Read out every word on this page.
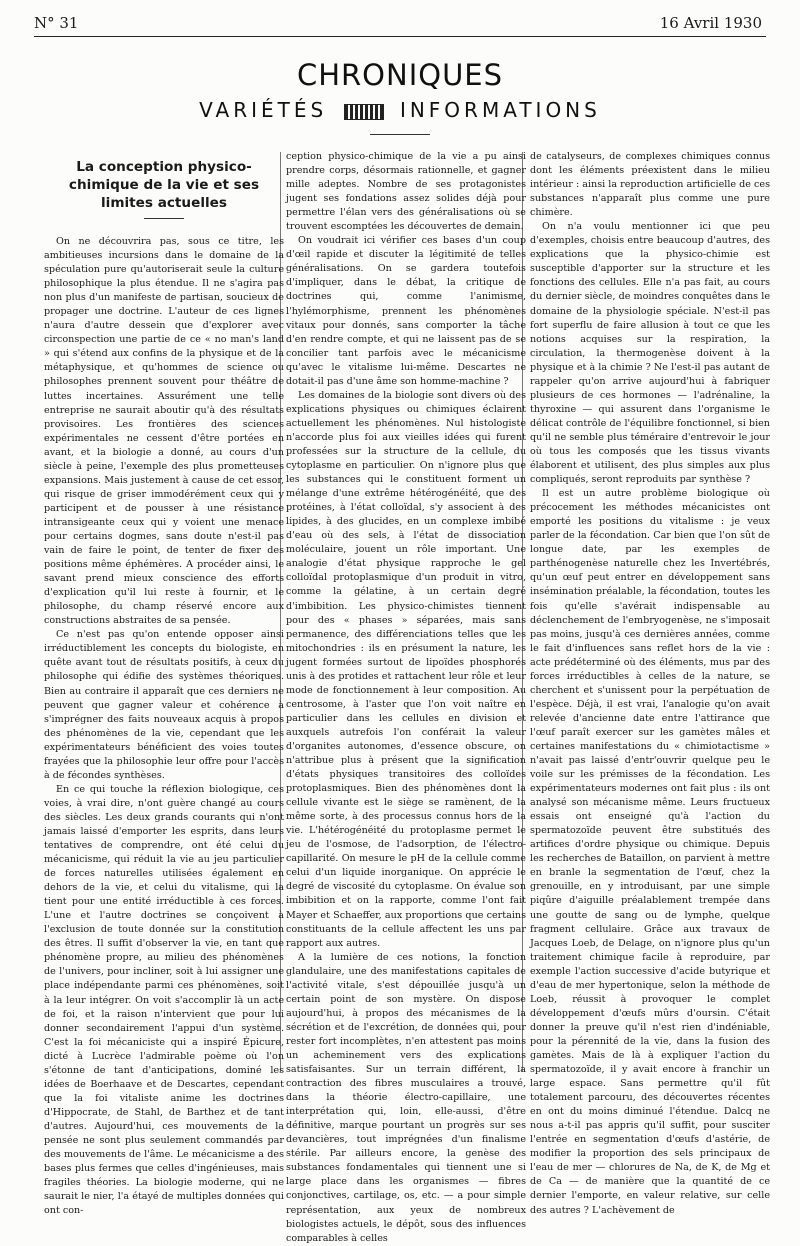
N° 31	16 Avril 1930
CHRONIQUES
VARIÉTÉS	INFORMATIONS
La conception physico-chimique de la vie et ses limites actuelles

On ne découvrira pas, sous ce titre, les ambitieuses incursions dans le domaine de la spéculation pure qu'autoriserait seule la culture philosophique la plus étendue. Il ne s'agira pas non plus d'un manifeste de partisan, soucieux de propager une doctrine. L'auteur de ces lignes n'aura d'autre dessein que d'explorer avec circonspection une partie de ce « no man's land » qui s'étend aux confins de la physique et de la métaphysique, et qu'hommes de science ou philosophes prennent souvent pour théâtre de luttes incertaines. Assurément une telle entreprise ne saurait aboutir qu'à des résultats provisoires. Les frontières des sciences expérimentales ne cessent d'être portées en avant, et la biologie a donné, au cours d'un siècle à peine, l'exemple des plus prometteuses expansions. Mais justement à cause de cet essor, qui risque de griser immodérément ceux qui y participent et de pousser à une résistance intransigeante ceux qui y voient une menace pour certains dogmes, sans doute n'est-il pas vain de faire le point, de tenter de fixer des positions même éphémères. A procéder ainsi, le savant prend mieux conscience des efforts d'explication qu'il lui reste à fournir, et le philosophe, du champ réservé encore aux constructions abstraites de sa pensée.

Ce n'est pas qu'on entende opposer ainsi irréductiblement les concepts du biologiste, en quête avant tout de résultats positifs, à ceux du philosophe qui édifie des systèmes théoriques. Bien au contraire il apparaît que ces derniers ne peuvent que gagner valeur et cohérence à s'imprégner des faits nouveaux acquis à propos des phénomènes de la vie, cependant que les expérimentateurs bénéficient des voies toutes frayées que la philosophie leur offre pour l'accès à de fécondes synthèses.

En ce qui touche la réflexion biologique, ces voies, à vrai dire, n'ont guère changé au cours des siècles. Les deux grands courants qui n'ont jamais laissé d'emporter les esprits, dans leurs tentatives de comprendre, ont été celui du mécanicisme, qui réduit la vie au jeu particulier de forces naturelles utilisées également en dehors de la vie, et celui du vitalisme, qui la tient pour une entité irréductible à ces forces. L'une et l'autre doctrines se conçoivent à l'exclusion de toute donnée sur la constitution des êtres. Il suffit d'observer la vie, en tant que phénomène propre, au milieu des phénomènes de l'univers, pour incliner, soit à lui assigner une place indépendante parmi ces phénomènes, soit à la leur intégrer. On voit s'accomplir là un acte de foi, et la raison n'intervient que pour lui donner secondairement l'appui d'un système. C'est la foi mécaniciste qui a inspiré Épicure, dicté à Lucrèce l'admirable poème où l'on s'étonne de tant d'anticipations, dominé les idées de Boerhaave et de Descartes, cependant que la foi vitaliste anime les doctrines d'Hippocrate, de Stahl, de Barthez et de tant d'autres. Aujourd'hui, ces mouvements de la pensée ne sont plus seulement commandés par des mouvements de l'âme. Le mécanicisme a des bases plus fermes que celles d'ingénieuses, mais fragiles théories. La biologie moderne, qui ne saurait le nier, l'a étayé de multiples données qui ont con-

ception physico-chimique de la vie a pu ainsi prendre corps, désormais rationnelle, et gagner mille adeptes. Nombre de ses protagonistes jugent ses fondations assez solides déjà pour permettre l'élan vers des généralisations où se trouvent escomptées les découvertes de demain.

On voudrait ici vérifier ces bases d'un coup d'œil rapide et discuter la légitimité de telles généralisations. On se gardera toutefois d'impliquer, dans le débat, la critique de doctrines qui, comme l'animisme, l'hylémorphisme, prennent les phénomènes vitaux pour donnés, sans comporter la tâche d'en rendre compte, et qui ne laissent pas de se concilier tant parfois avec le mécanicisme qu'avec le vitalisme lui-même. Descartes ne dotait-il pas d'une âme son homme-machine ?

Les domaines de la biologie sont divers où des explications physiques ou chimiques éclairent actuellement les phénomènes. Nul histologiste n'accorde plus foi aux vieilles idées qui furent professées sur la structure de la cellule, du cytoplasme en particulier. On n'ignore plus que les substances qui le constituent forment un mélange d'une extrême hétérogénéité, que des protéines, à l'état colloïdal, s'y associent à des lipides, à des glucides, en un complexe imbibé d'eau où des sels, à l'état de dissociation moléculaire, jouent un rôle important. Une analogie d'état physique rapproche le gel colloïdal protoplasmique d'un produit in vitro, comme la gélatine, à un certain degré d'imbibition. Les physico-chimistes tiennent pour des « phases » séparées, mais sans permanence, des différenciations telles que les mitochondries : ils en présument la nature, les jugent formées surtout de lipoïdes phosphorés unis à des protides et rattachent leur rôle et leur mode de fonctionnement à leur composition. Au centrosome, à l'aster que l'on voit naître en particulier dans les cellules en division et auxquels autrefois l'on conférait la valeur d'organites autonomes, d'essence obscure, on n'attribue plus à présent que la signification d'états physiques transitoires des colloïdes protoplasmiques. Bien des phénomènes dont la cellule vivante est le siège se ramènent, de la même sorte, à des processus connus hors de la vie. L'hétérogénéité du protoplasme permet le jeu de l'osmose, de l'adsorption, de l'électro-capillarité. On mesure le pH de la cellule comme celui d'un liquide inorganique. On apprécie le degré de viscosité du cytoplasme. On évalue son imbibition et on la rapporte, comme l'ont fait Mayer et Schaeffer, aux proportions que certains constituants de la cellule affectent les uns par rapport aux autres.

A la lumière de ces notions, la fonction glandulaire, une des manifestations capitales de l'activité vitale, s'est dépouillée jusqu'à un certain point de son mystère. On dispose aujourd'hui, à propos des mécanismes de la sécrétion et de l'excrétion, de données qui, pour rester fort incomplètes, n'en attestent pas moins un acheminement vers des explications satisfaisantes. Sur un terrain différent, la contraction des fibres musculaires a trouvé, dans la théorie électro-capillaire, une interprétation qui, loin, elle-aussi, d'être définitive, marque pourtant un progrès sur ses devancières, tout imprégnées d'un finalisme stérile. Par ailleurs encore, la genèse des substances fondamentales qui tiennent une si large place dans les organismes — fibres conjonctives, cartilage, os, etc. — a pour simple représentation, aux yeux de nombreux biologistes actuels, le dépôt, sous des influences comparables à celles

de catalyseurs, de complexes chimiques connus dont les éléments préexistent dans le milieu intérieur : ainsi la reproduction artificielle de ces substances n'apparaît plus comme une pure chimère.

On n'a voulu mentionner ici que peu d'exemples, choisis entre beaucoup d'autres, des explications que la physico-chimie est susceptible d'apporter sur la structure et les fonctions des cellules. Elle n'a pas fait, au cours du dernier siècle, de moindres conquêtes dans le domaine de la physiologie spéciale. N'est-il pas fort superflu de faire allusion à tout ce que les notions acquises sur la respiration, la circulation, la thermogenèse doivent à la physique et à la chimie ? Ne l'est-il pas autant de rappeler qu'on arrive aujourd'hui à fabriquer plusieurs de ces hormones — l'adrénaline, la thyroxine — qui assurent dans l'organisme le délicat contrôle de l'équilibre fonctionnel, si bien qu'il ne semble plus téméraire d'entrevoir le jour où tous les composés que les tissus vivants élaborent et utilisent, des plus simples aux plus compliqués, seront reproduits par synthèse ?

Il est un autre problème biologique où précocement les méthodes mécanicistes ont emporté les positions du vitalisme : je veux parler de la fécondation. Car bien que l'on sût de longue date, par les exemples de parthénogenèse naturelle chez les Invertébrés, qu'un œuf peut entrer en développement sans insémination préalable, la fécondation, toutes les fois qu'elle s'avérait indispensable au déclenchement de l'embryogenèse, ne s'imposait pas moins, jusqu'à ces dernières années, comme le fait d'influences sans reflet hors de la vie : acte prédéterminé où des éléments, mus par des forces irréductibles à celles de la nature, se cherchent et s'unissent pour la perpétuation de l'espèce. Déjà, il est vrai, l'analogie qu'on avait relevée d'ancienne date entre l'attirance que l'œuf paraît exercer sur les gamètes mâles et certaines manifestations du « chimiotactisme » n'avait pas laissé d'entr'ouvrir quelque peu le voile sur les prémisses de la fécondation. Les expérimentateurs modernes ont fait plus : ils ont analysé son mécanisme même. Leurs fructueux essais ont enseigné qu'à l'action du spermatozoïde peuvent être substitués des artifices d'ordre physique ou chimique. Depuis les recherches de Bataillon, on parvient à mettre en branle la segmentation de l'œuf, chez la grenouille, en y introduisant, par une simple piqûre d'aiguille préalablement trempée dans une goutte de sang ou de lymphe, quelque fragment cellulaire. Grâce aux travaux de Jacques Loeb, de Delage, on n'ignore plus qu'un traitement chimique facile à reproduire, par exemple l'action successive d'acide butyrique et d'eau de mer hypertonique, selon la méthode de Loeb, réussit à provoquer le complet développement d'œufs mûrs d'oursin. C'était donner la preuve qu'il n'est rien d'indéniable, pour la pérennité de la vie, dans la fusion des gamètes. Mais de là à expliquer l'action du spermatozoïde, il y avait encore à franchir un large espace. Sans permettre qu'il fût totalement parcouru, des découvertes récentes en ont du moins diminué l'étendue. Dalcq ne nous a-t-il pas appris qu'il suffit, pour susciter l'entrée en segmentation d'œufs d'astérie, de modifier la proportion des sels principaux de l'eau de mer — chlorures de Na, de K, de Mg et de Ca — de manière que la quantité de ce dernier l'emporte, en valeur relative, sur celle des autres ? L'achèvement de
